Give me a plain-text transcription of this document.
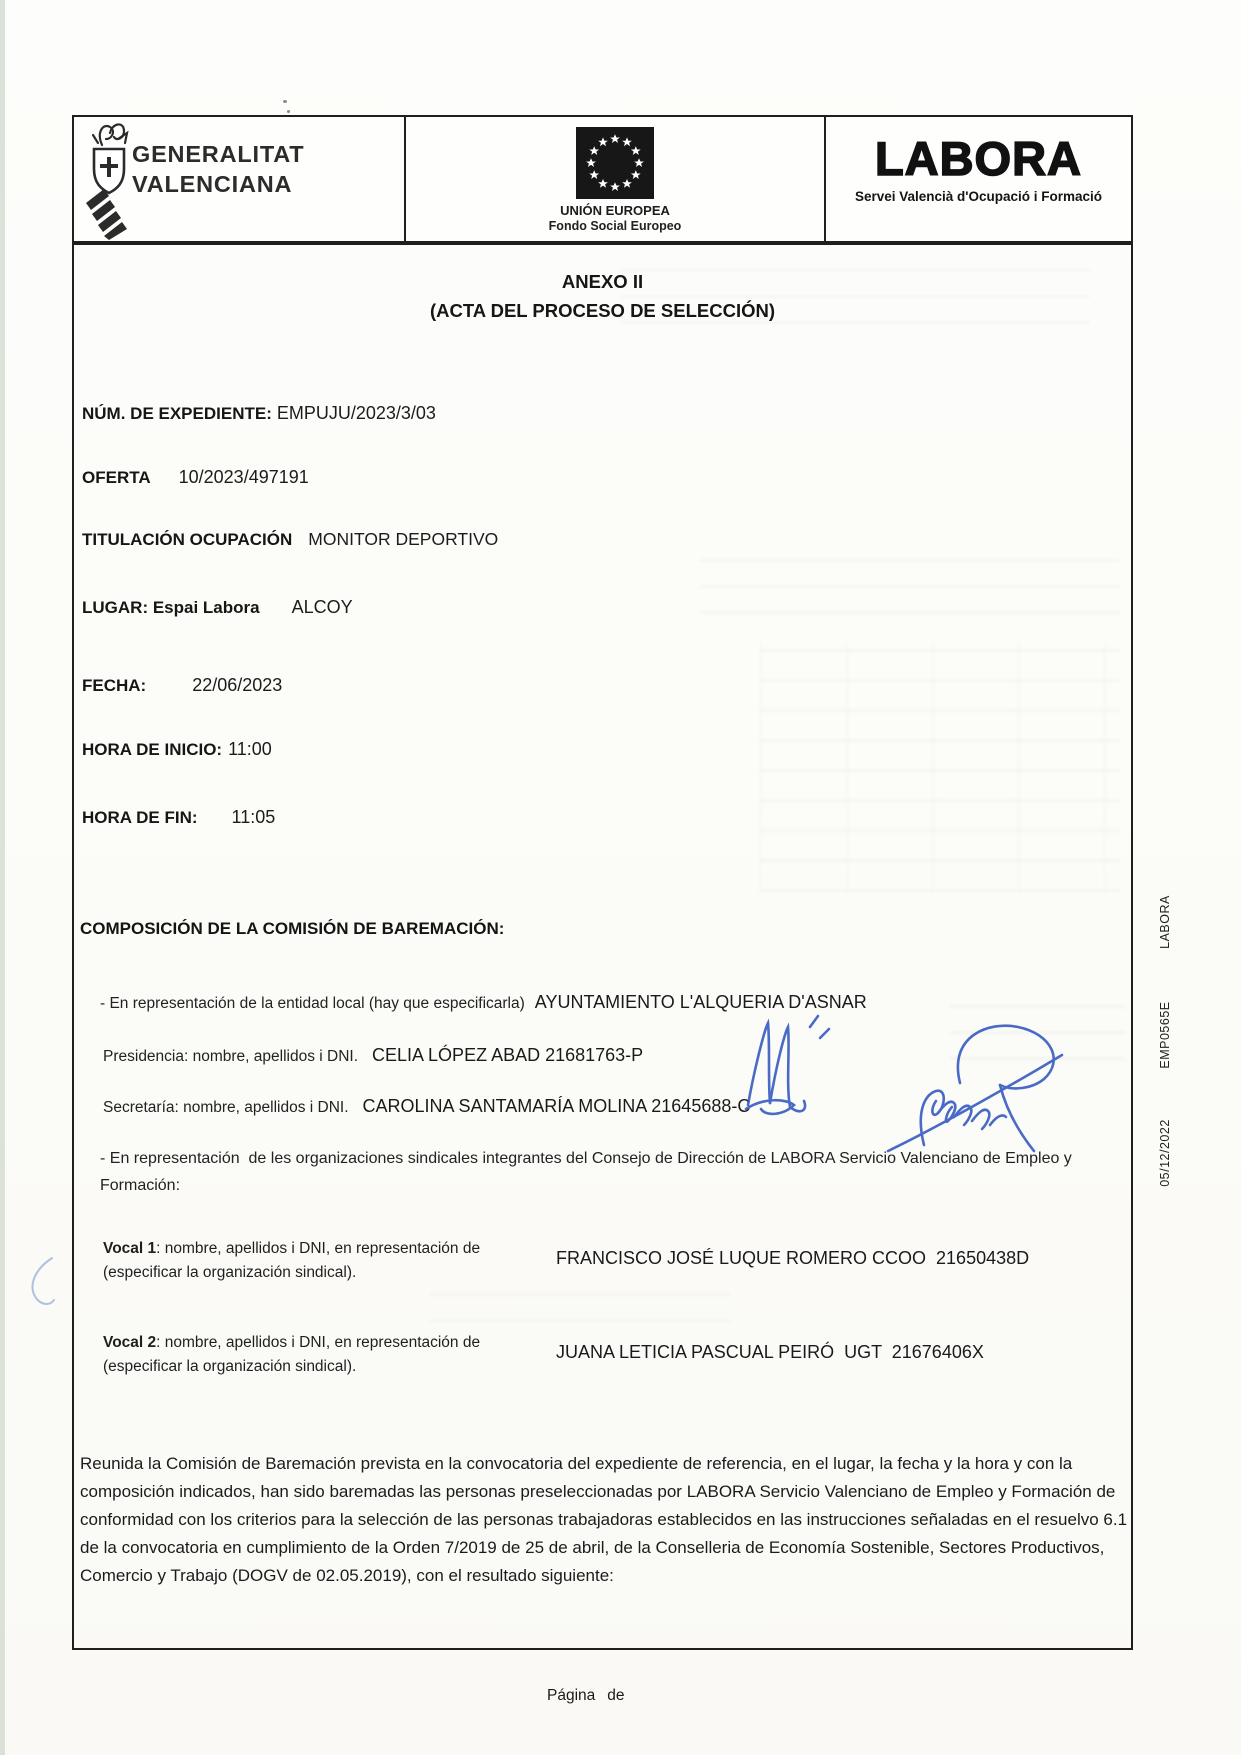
GENERALITAT
VALENCIANA
UNIÓN EUROPEA
Fondo Social Europeo
LABORA
Servei Valencià d'Ocupació i Formació
ANEXO II
(ACTA DEL PROCESO DE SELECCIÓN)
NÚM. DE EXPEDIENTE: EMPUJU/2023/3/03
OFERTA 10/2023/497191
TITULACIÓN OCUPACIÓN MONITOR DEPORTIVO
LUGAR: Espai Labora ALCOY
FECHA:	22/06/2023
HORA DE INICIO: 11:00
HORA DE FIN: 11:05
COMPOSICIÓN DE LA COMISIÓN DE BAREMACIÓN:
- En representación de la entidad local (hay que especificarla) AYUNTAMIENTO L'ALQUERIA D'ASNAR
Presidencia: nombre, apellidos i DNI. CELIA LÓPEZ ABAD 21681763-P
Secretaría: nombre, apellidos i DNI. CAROLINA SANTAMARÍA MOLINA 21645688-C
- En representación  de les organizaciones sindicales integrantes del Consejo de Dirección de LABORA Servicio Valenciano de Empleo y Formación:
Vocal 1: nombre, apellidos i DNI, en representación de (especificar la organización sindical).
FRANCISCO JOSÉ LUQUE ROMERO CCOO  21650438D
Vocal 2: nombre, apellidos i DNI, en representación de (especificar la organización sindical).
JUANA LETICIA PASCUAL PEIRÓ  UGT  21676406X
Reunida la Comisión de Baremación prevista en la convocatoria del expediente de referencia, en el lugar, la fecha y la hora y con la composición indicados, han sido baremadas las personas preseleccionadas por LABORA Servicio Valenciano de Empleo y Formación de conformidad con los criterios para la selección de las personas trabajadoras establecidos en las instrucciones señaladas en el resuelvo 6.1 de la convocatoria en cumplimiento de la Orden 7/2019 de 25 de abril, de la Conselleria de Economía Sostenible, Sectores Productivos, Comercio y Trabajo (DOGV de 02.05.2019), con el resultado siguiente:
LABORA
EMP0565E
05/12/2022
Página de
